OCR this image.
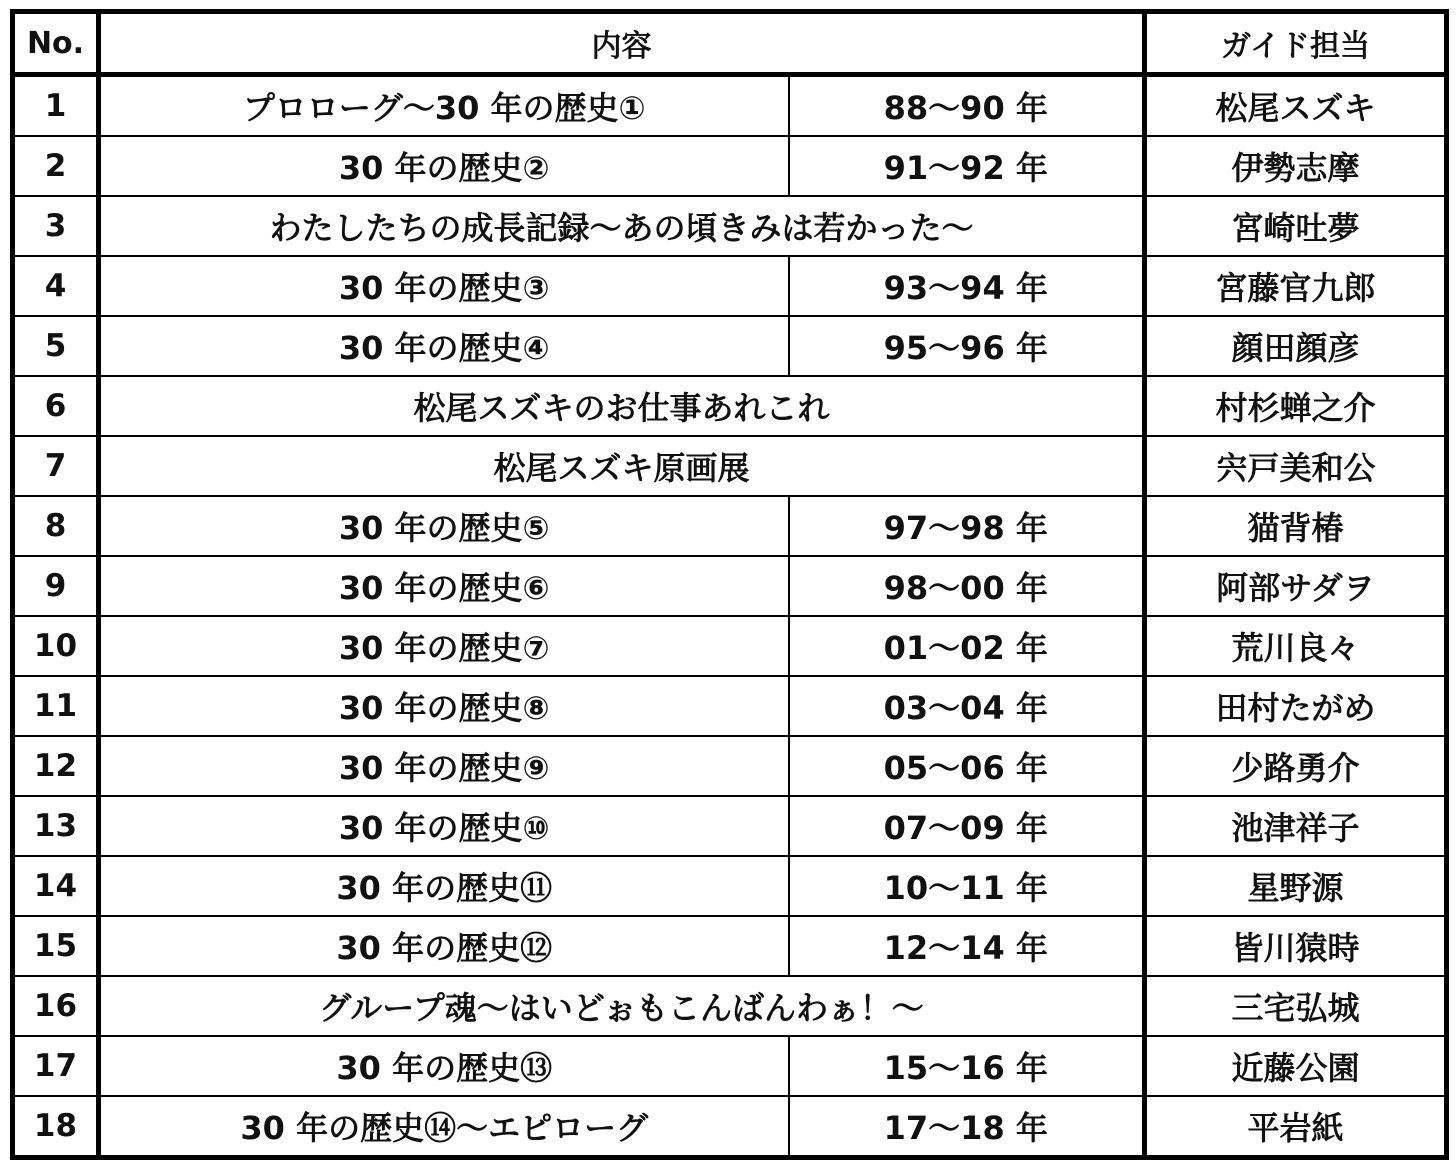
No.	内容		ガイド担当
1	プロローグ～30 年の歴史①	88～90 年	松尾スズキ
2	30 年の歴史②	91～92 年	伊勢志摩
3	わたしたちの成長記録～あの頃きみは若かった～		宮崎吐夢
4	30 年の歴史③	93～94 年	宮藤官九郎
5	30 年の歴史④	95～96 年	顔田顔彦
6	松尾スズキのお仕事あれこれ		村杉蝉之介
7	松尾スズキ原画展		宍戸美和公
8	30 年の歴史⑤	97～98 年	猫背椿
9	30 年の歴史⑥	98～00 年	阿部サダヲ
10	30 年の歴史⑦	01～02 年	荒川良々
11	30 年の歴史⑧	03～04 年	田村たがめ
12	30 年の歴史⑨	05～06 年	少路勇介
13	30 年の歴史⑩	07～09 年	池津祥子
14	30 年の歴史⑪	10～11 年	星野源
15	30 年の歴史⑫	12～14 年	皆川猿時
16	グループ魂～はいどぉもこんばんわぁ！～		三宅弘城
17	30 年の歴史⑬	15～16 年	近藤公園
18	30 年の歴史⑭～エピローグ	17～18 年	平岩紙
